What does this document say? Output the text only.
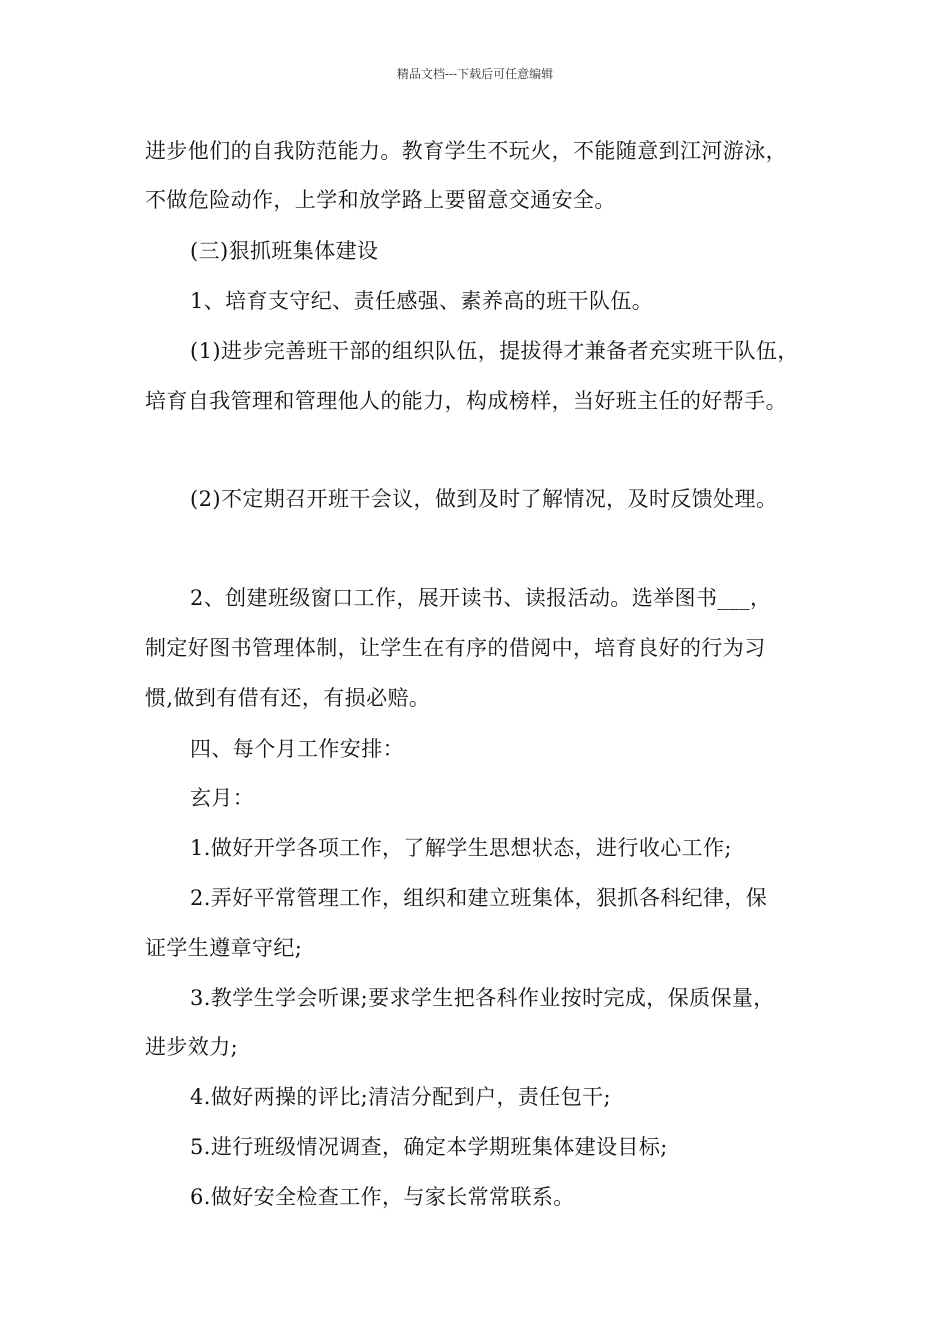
精品文档---下载后可任意编辑
进步他们的自我防范能力。教育学生不玩火，不能随意到江河游泳，
不做危险动作，上学和放学路上要留意交通安全。
(三)狠抓班集体建设
1、培育支守纪、责任感强、素养高的班干队伍。
(1)进步完善班干部的组织队伍，提拔得才兼备者充实班干队伍，
培育自我管理和管理他人的能力，构成榜样，当好班主任的好帮手。
(2)不定期召开班干会议，做到及时了解情况，及时反馈处理。
2、创建班级窗口工作，展开读书、读报活动。选举图书___，
制定好图书管理体制，让学生在有序的借阅中，培育良好的行为习
惯,做到有借有还，有损必赔。
四、每个月工作安排：
玄月：
1.做好开学各项工作，了解学生思想状态，进行收心工作;
2.弄好平常管理工作，组织和建立班集体，狠抓各科纪律，保
证学生遵章守纪;
3.教学生学会听课;要求学生把各科作业按时完成，保质保量，
进步效力;
4.做好两操的评比;清洁分配到户，责任包干;
5.进行班级情况调查，确定本学期班集体建设目标;
6.做好安全检查工作，与家长常常联系。
